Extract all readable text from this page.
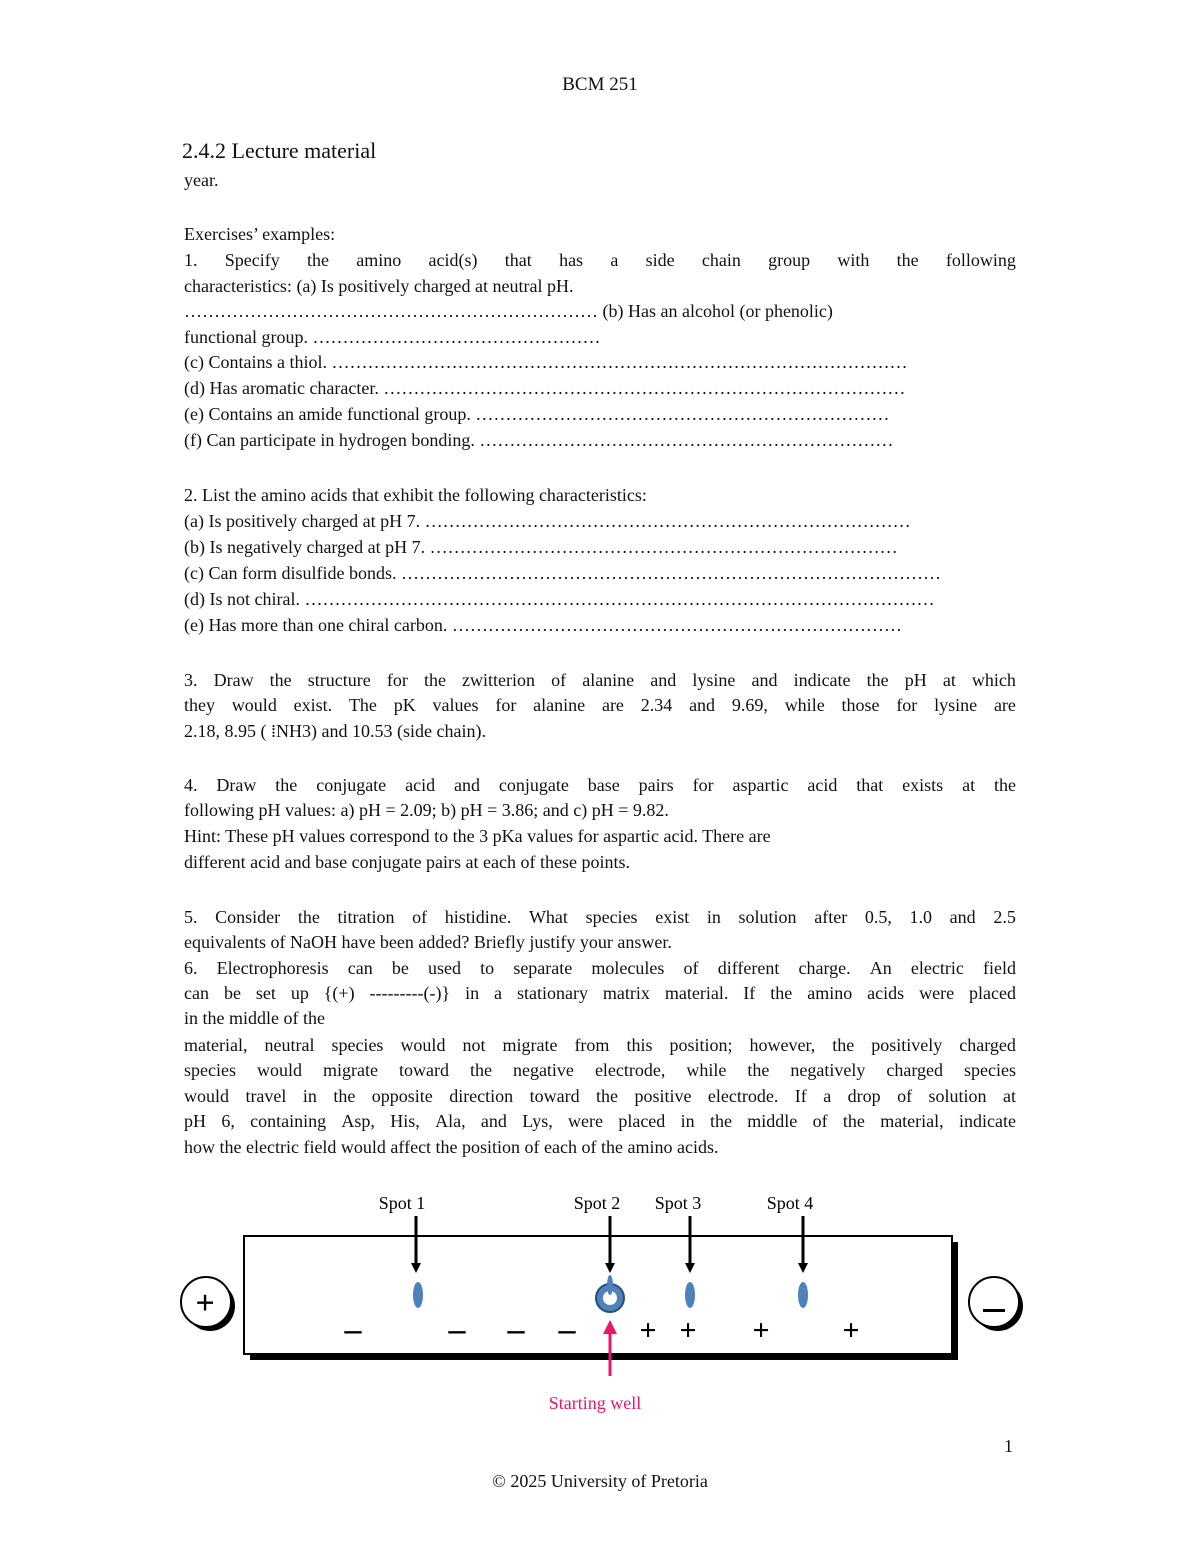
BCM 251
2.4.2 Lecture material
year.
Exercises’ examples:
1. Specify the amino acid(s) that has a side chain group with the following
characteristics: (a) Is positively charged at neutral pH.
…………………………………………………………… (b) Has an alcohol (or phenolic)
functional group. …………………………………………
(c) Contains a thiol. ……………………………………………………………………………………
(d) Has aromatic character. ……………………………………………………………………………
(e) Contains an amide functional group. ……………………………………………………………
(f) Can participate in hydrogen bonding. ……………………………………………………………
2. List the amino acids that exhibit the following characteristics:
(a) Is positively charged at pH 7. ………………………………………………………………………
(b) Is negatively charged at pH 7. ……………………………………………………………………
(c) Can form disulfide bonds. ………………………………………………………………………………
(d) Is not chiral. ……………………………………………………………………………………………
(e) Has more than one chiral carbon. …………………………………………………………………
3. Draw the structure for the zwitterion of alanine and lysine and indicate the pH at which
they would exist. The pK values for alanine are 2.34 and 9.69, while those for lysine are
2.18, 8.95 ( ⁞NH3) and 10.53 (side chain).
4. Draw the conjugate acid and conjugate base pairs for aspartic acid that exists at the
following pH values: a) pH = 2.09; b) pH = 3.86; and c) pH = 9.82.
Hint: These pH values correspond to the 3 pKa values for aspartic acid. There are
different acid and base conjugate pairs at each of these points.
5. Consider the titration of histidine. What species exist in solution after 0.5, 1.0 and 2.5
equivalents of NaOH have been added? Briefly justify your answer.
6. Electrophoresis can be used to separate molecules of different charge. An electric field
can be set up {(+) ---------(-)} in a stationary matrix material. If the amino acids were placed
in the middle of the
material, neutral species would not migrate from this position; however, the positively charged
species would migrate toward the negative electrode, while the negatively charged species
would travel in the opposite direction toward the positive electrode. If a drop of solution at
pH 6, containing Asp, His, Ala, and Lys, were placed in the middle of the material, indicate
how the electric field would affect the position of each of the amino acids.
+
Spot 1	Spot 2 Spot 3	Spot 4
–	– – – + + + +
Starting well
1
© 2025 University of Pretoria
